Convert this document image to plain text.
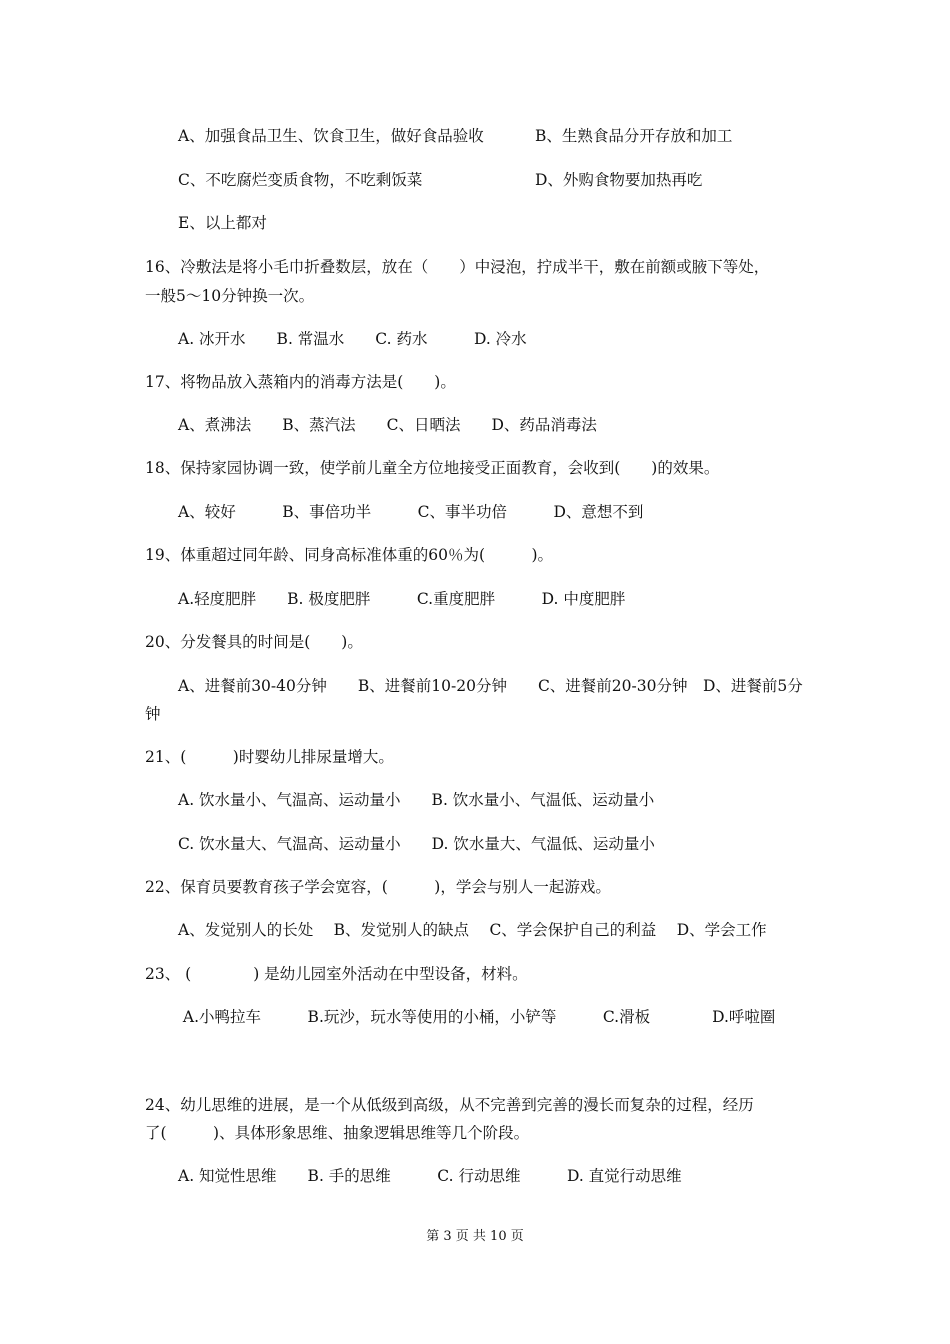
A、加强食品卫生、饮食卫生，做好食品验收	B、生熟食品分开存放和加工
C、不吃腐烂变质食物，不吃剩饭菜	D、外购食物要加热再吃
E、以上都对
16、冷敷法是将小毛巾折叠数层，放在（　　）中浸泡，拧成半干，敷在前额或腋下等处，
一般5～10分钟换一次。
A. 冰开水　　B. 常温水　　C. 药水　　　D. 冷水
17、将物品放入蒸箱内的消毒方法是(　　)。
A、煮沸法　　B、蒸汽法　　C、日晒法　　D、药品消毒法
18、保持家园协调一致，使学前儿童全方位地接受正面教育，会收到(　　)的效果。
A、较好　　　B、事倍功半　　　C、事半功倍　　　D、意想不到
19、体重超过同年龄、同身高标准体重的60％为(　　　)。
A.轻度肥胖　　B. 极度肥胖　　　C.重度肥胖　　　D. 中度肥胖
20、分发餐具的时间是(　　)。
A、进餐前30-40分钟　　B、进餐前10-20分钟　　C、进餐前20-30分钟　D、进餐前5分
钟
21、(　　　)时婴幼儿排尿量增大。
A. 饮水量小、气温高、运动量小　　B. 饮水量小、气温低、运动量小
C. 饮水量大、气温高、运动量小　　D. 饮水量大、气温低、运动量小
22、保育员要教育孩子学会宽容，(　　　)，学会与别人一起游戏。
A、发觉别人的长处　 B、发觉别人的缺点　 C、学会保护自己的利益　 D、学会工作
23、 (　　　　) 是幼儿园室外活动在中型设备，材料。
A.小鸭拉车　　　B.玩沙，玩水等使用的小桶，小铲等　　　C.滑板　　　　D.呼啦圈
24、幼儿思维的进展，是一个从低级到高级，从不完善到完善的漫长而复杂的过程，经历
了(　　　)、具体形象思维、抽象逻辑思维等几个阶段。
A. 知觉性思维　　B. 手的思维　　　C. 行动思维　　　D. 直觉行动思维
第 3 页 共 10 页
